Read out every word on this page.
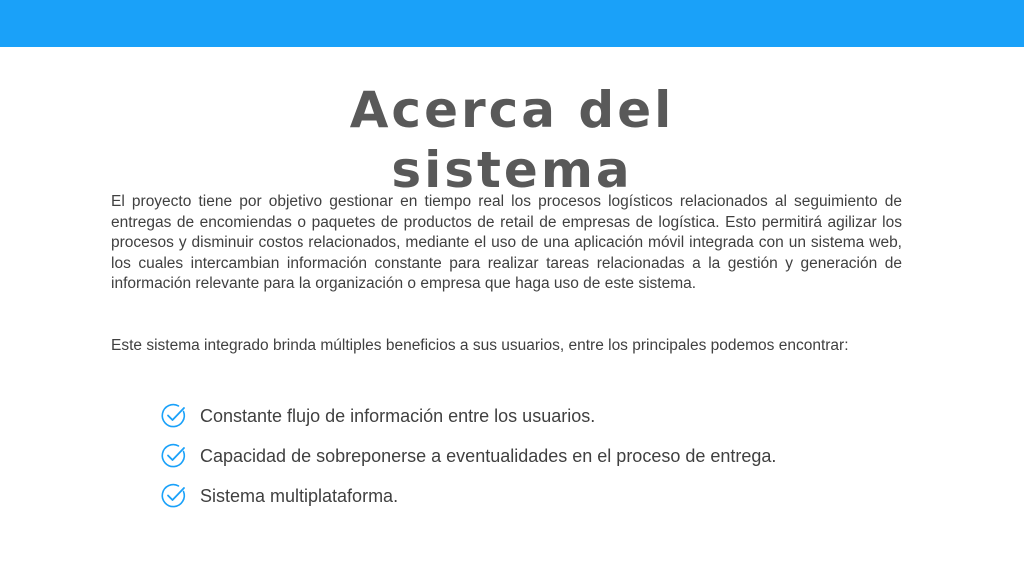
Acerca del sistema

El proyecto tiene por objetivo gestionar en tiempo real los procesos logísticos relacionados al seguimiento de entregas de encomiendas o paquetes de productos de retail de empresas de logística. Esto permitirá agilizar los procesos y disminuir costos relacionados, mediante el uso de una aplicación móvil integrada con un sistema web, los cuales intercambian información constante para realizar tareas relacionadas a la gestión y generación de información relevante para la organización o empresa que haga uso de este sistema.

Este sistema integrado brinda múltiples beneficios a sus usuarios, entre los principales podemos encontrar:

Constante flujo de información entre los usuarios.
Capacidad de sobreponerse a eventualidades en el proceso de entrega.
Sistema multiplataforma.
